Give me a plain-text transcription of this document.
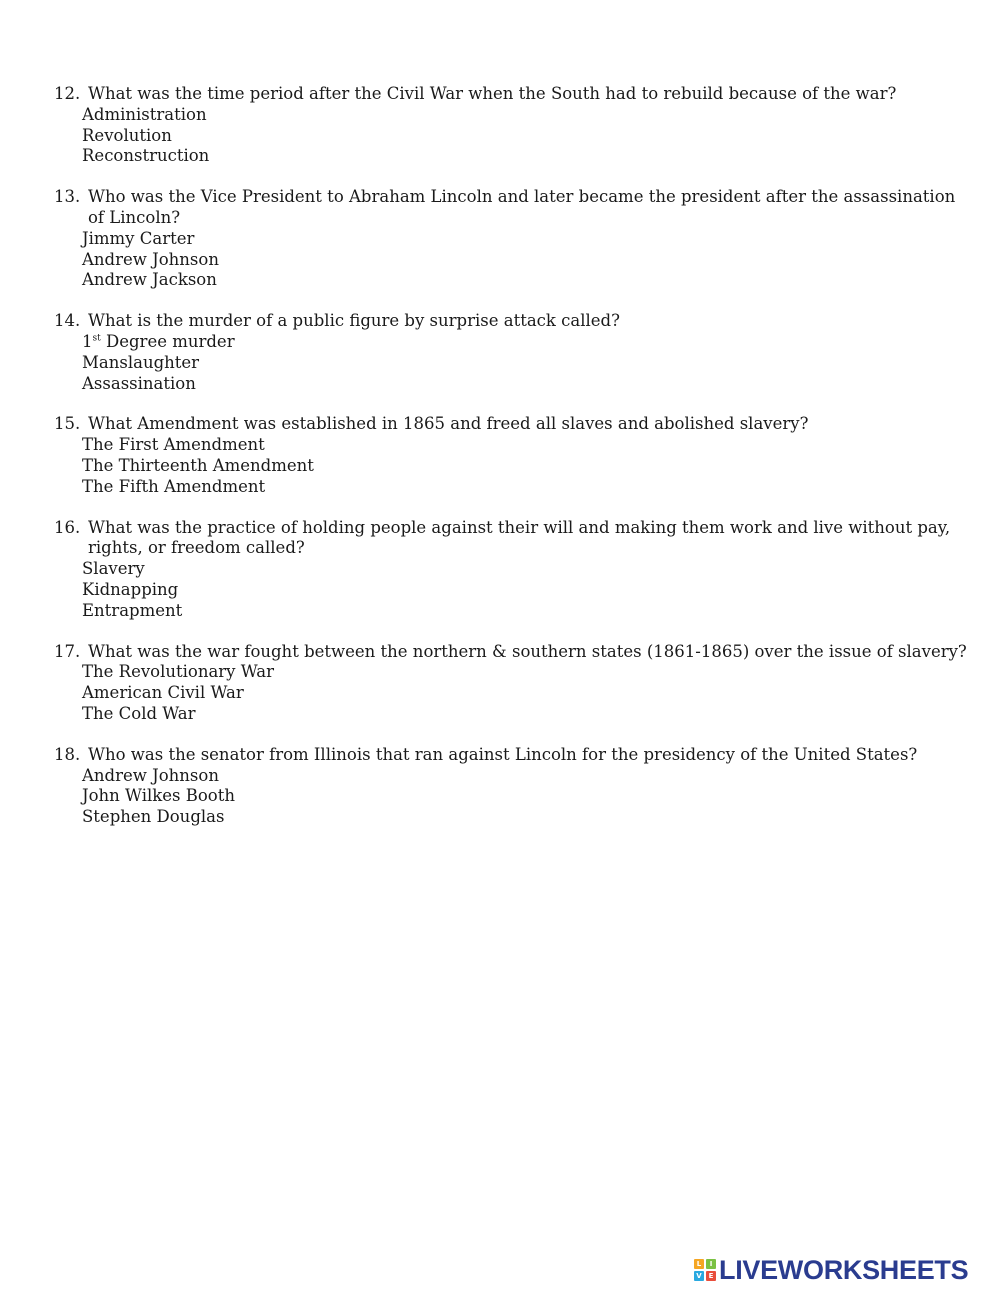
12. What was the time period after the Civil War when the South had to rebuild because of the war?
Administration
Revolution
Reconstruction
13. Who was the Vice President to Abraham Lincoln and later became the president after the assassination of Lincoln?
Jimmy Carter
Andrew Johnson
Andrew Jackson
14. What is the murder of a public figure by surprise attack called?
1st Degree murder
Manslaughter
Assassination
15. What Amendment was established in 1865 and freed all slaves and abolished slavery?
The First Amendment
The Thirteenth Amendment
The Fifth Amendment
16. What was the practice of holding people against their will and making them work and live without pay, rights, or freedom called?
Slavery
Kidnapping
Entrapment
17. What was the war fought between the northern & southern states (1861-1865) over the issue of slavery?
The Revolutionary War
American Civil War
The Cold War
18. Who was the senator from Illinois that ran against Lincoln for the presidency of the United States?
Andrew Johnson
John Wilkes Booth
Stephen Douglas
L	I
V E LIVEWORKSHEETS
